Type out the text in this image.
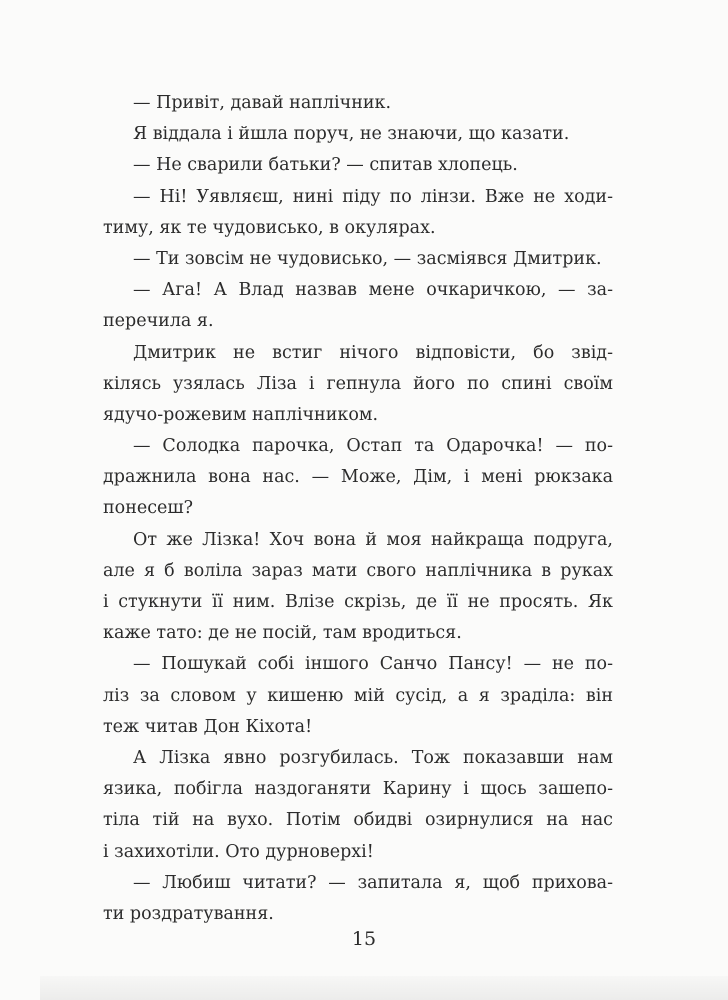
— Привіт, давай наплічник.
Я віддала і йшла поруч, не знаючи, що казати.
— Не сварили батьки? — спитав хлопець.
— Ні! Уявляєш, нині піду по лінзи. Вже не ходи-
тиму, як те чудовисько, в окулярах.
— Ти зовсім не чудовисько, — засміявся Дмитрик.
— Ага! А Влад назвав мене очкаричкою, — за-
перечила я.
Дмитрик не встиг нічого відповісти, бо звід-
кілясь узялась Ліза і гепнула його по спині своїм
ядучо-рожевим наплічником.
— Солодка парочка, Остап та Одарочка! — по-
дражнила вона нас. — Може, Дім, і мені рюкзака
понесеш?
От же Лізка! Хоч вона й моя найкраща подруга,
але я б воліла зараз мати свого наплічника в руках
і стукнути її ним. Влізе скрізь, де її не просять. Як
каже тато: де не посій, там вродиться.
— Пошукай собі іншого Санчо Пансу! — не по-
ліз за словом у кишеню мій сусід, а я зраділа: він
теж читав Дон Кіхота!
А Лізка явно розгубилась. Тож показавши нам
язика, побігла наздоганяти Карину і щось зашепо-
тіла тій на вухо. Потім обидві озирнулися на нас
і захихотіли. Ото дурноверхі!
— Любиш читати? — запитала я, щоб прихова-
ти роздратування.
15
